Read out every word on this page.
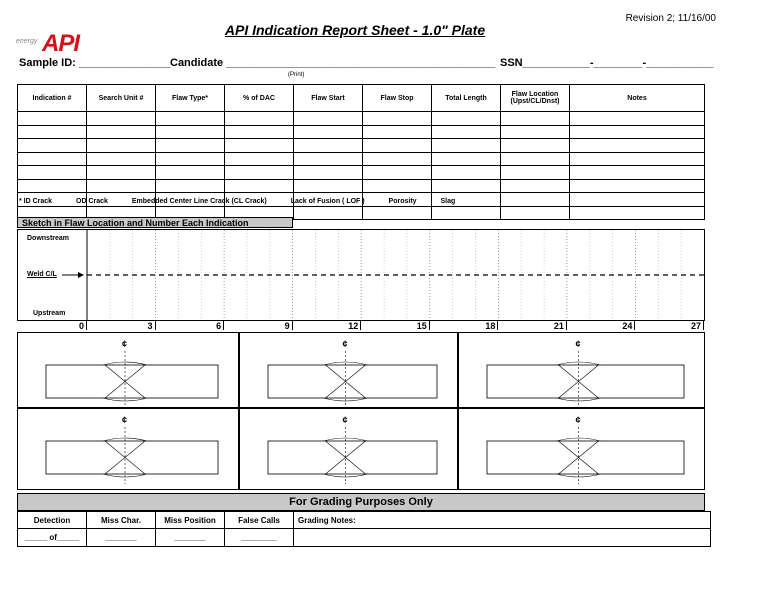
Revision 2; 11/16/00
API Indication Report Sheet - 1.0" Plate
energy API
Sample ID: _______________ Candidate ____________________________________________
(Print)
SSN___________-________-___________
Indication #	Search Unit #	Flaw Type*	% of DAC	Flaw Start	Flaw Stop	Total Length	Flaw Location (Upst/CL/Dnst)	Notes

* ID Crack	OD Crack	Embedded Center Line Crack (CL Crack)	Lack of Fusion ( LOF )	Porosity	Slag
Sketch in Flaw Location and Number Each Indication
Downstream
Weld C/L
Upstream
0	3	6	9	12	15	18	21	24	27
¢	¢	¢
¢	¢	¢
For Grading Purposes Only
Detection	Miss Char.	Miss Position	False Calls	Grading Notes:
_____ of_____	_______	_______	________	
